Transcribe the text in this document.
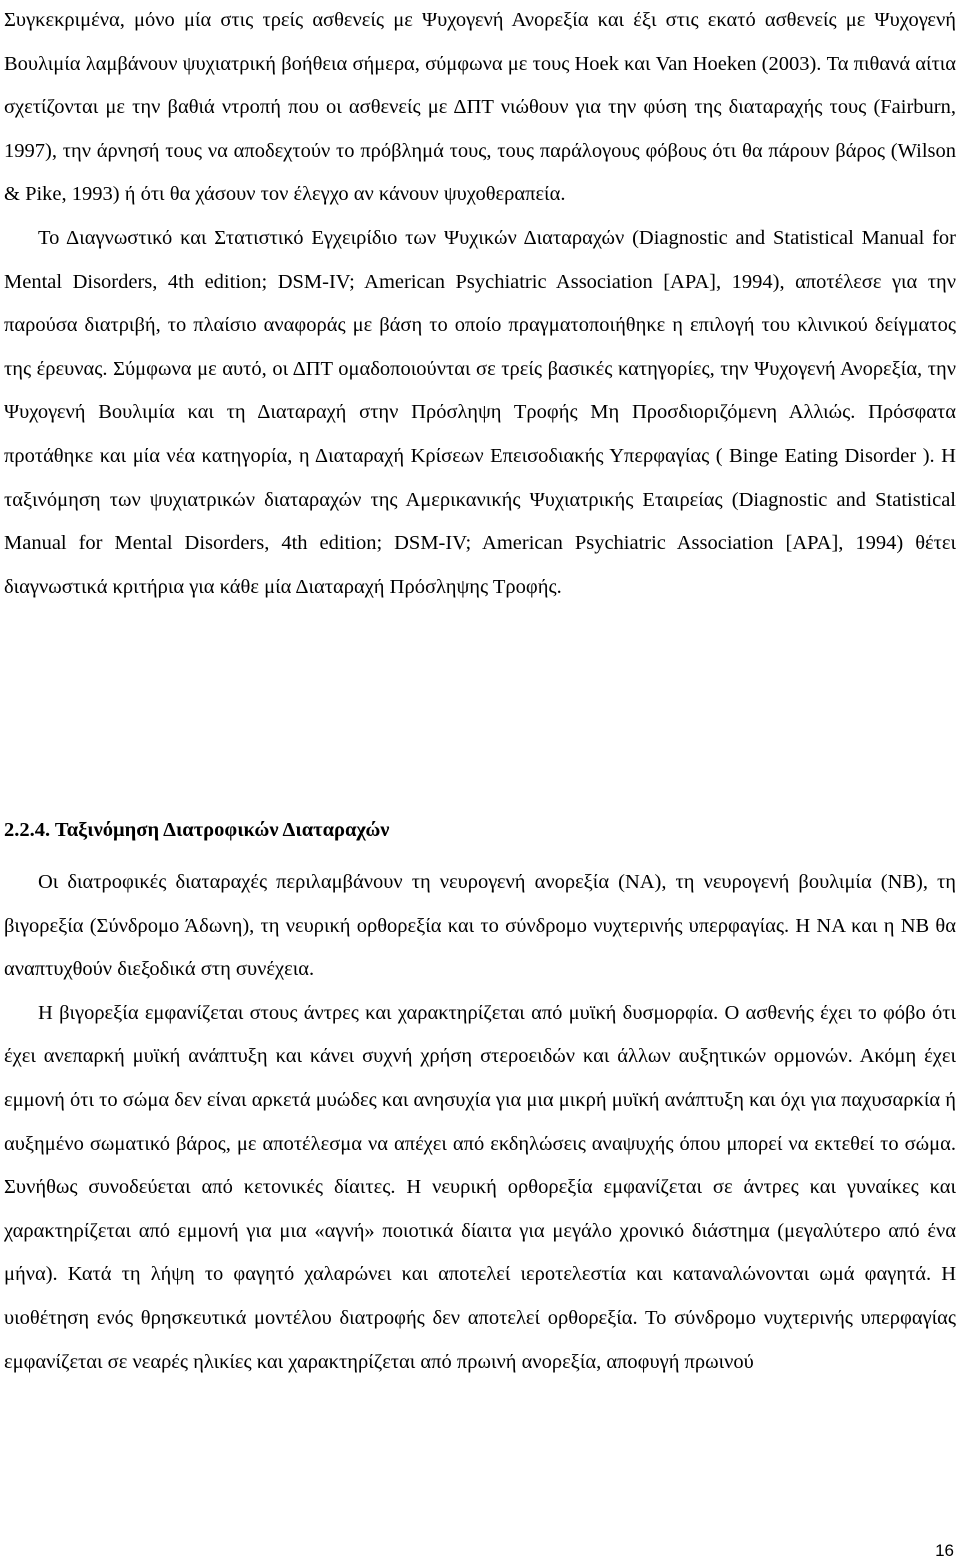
Συγκεκριμένα, μόνο μία στις τρείς ασθενείς με Ψυχογενή Ανορεξία και έξι στις εκατό ασθενείς με Ψυχογενή Βουλιμία λαμβάνουν ψυχιατρική βοήθεια σήμερα, σύμφωνα με τους Hoek και Van Hoeken (2003). Τα πιθανά αίτια σχετίζονται με την βαθιά ντροπή που οι ασθενείς με ΔΠΤ νιώθουν για την φύση της διαταραχής τους (Fairburn, 1997), την άρνησή τους να αποδεχτούν το πρόβλημά τους, τους παράλογους φόβους ότι θα πάρουν βάρος (Wilson & Pike, 1993) ή ότι θα χάσουν τον έλεγχο αν κάνουν ψυχοθεραπεία.

Το Διαγνωστικό και Στατιστικό Εγχειρίδιο των Ψυχικών Διαταραχών (Diagnostic and Statistical Manual for Mental Disorders, 4th edition; DSM-IV; American Psychiatric Association [APA], 1994), αποτέλεσε για την παρούσα διατριβή, το πλαίσιο αναφοράς με βάση το οποίο πραγματοποιήθηκε η επιλογή του κλινικού δείγματος της έρευνας. Σύμφωνα με αυτό, οι ΔΠΤ ομαδοποιούνται σε τρείς βασικές κατηγορίες, την Ψυχογενή Ανορεξία, την Ψυχογενή Βουλιμία και τη Διαταραχή στην Πρόσληψη Τροφής Μη Προσδιοριζόμενη Αλλιώς. Πρόσφατα προτάθηκε και μία νέα κατηγορία, η Διαταραχή Κρίσεων Επεισοδιακής Υπερφαγίας ( Binge Eating Disorder ). Η ταξινόμηση των ψυχιατρικών διαταραχών της Αμερικανικής Ψυχιατρικής Εταιρείας (Diagnostic and Statistical Manual for Mental Disorders, 4th edition; DSM-IV; American Psychiatric Association [APA], 1994) θέτει διαγνωστικά κριτήρια για κάθε μία Διαταραχή Πρόσληψης Τροφής.

2.2.4. Ταξινόμηση Διατροφικών Διαταραχών

Οι διατροφικές διαταραχές περιλαμβάνουν τη νευρογενή ανορεξία (NA), τη νευρογενή βουλιμία (NB), τη βιγορεξία (Σύνδρομο Άδωνη), τη νευρική ορθορεξία και το σύνδρομο νυχτερινής υπερφαγίας. Η NA και η NB θα αναπτυχθούν διεξοδικά στη συνέχεια.

Η βιγορεξία εμφανίζεται στους άντρες και χαρακτηρίζεται από μυϊκή δυσμορφία. Ο ασθενής έχει το φόβο ότι έχει ανεπαρκή μυϊκή ανάπτυξη και κάνει συχνή χρήση στεροειδών και άλλων αυξητικών ορμονών. Ακόμη έχει εμμονή ότι το σώμα δεν είναι αρκετά μυώδες και ανησυχία για μια μικρή μυϊκή ανάπτυξη και όχι για παχυσαρκία ή αυξημένο σωματικό βάρος, με αποτέλεσμα να απέχει από εκδηλώσεις αναψυχής όπου μπορεί να εκτεθεί το σώμα. Συνήθως συνοδεύεται από κετονικές δίαιτες. Η νευρική ορθορεξία εμφανίζεται σε άντρες και γυναίκες και χαρακτηρίζεται από εμμονή για μια «αγνή» ποιοτικά δίαιτα για μεγάλο χρονικό διάστημα (μεγαλύτερο από ένα μήνα). Κατά τη λήψη το φαγητό χαλαρώνει και αποτελεί ιεροτελεστία και καταναλώνονται ωμά φαγητά. Η υιοθέτηση ενός θρησκευτικά μοντέλου διατροφής δεν αποτελεί ορθορεξία. Το σύνδρομο νυχτερινής υπερφαγίας εμφανίζεται σε νεαρές ηλικίες και χαρακτηρίζεται από πρωινή ανορεξία, αποφυγή πρωινού

16
